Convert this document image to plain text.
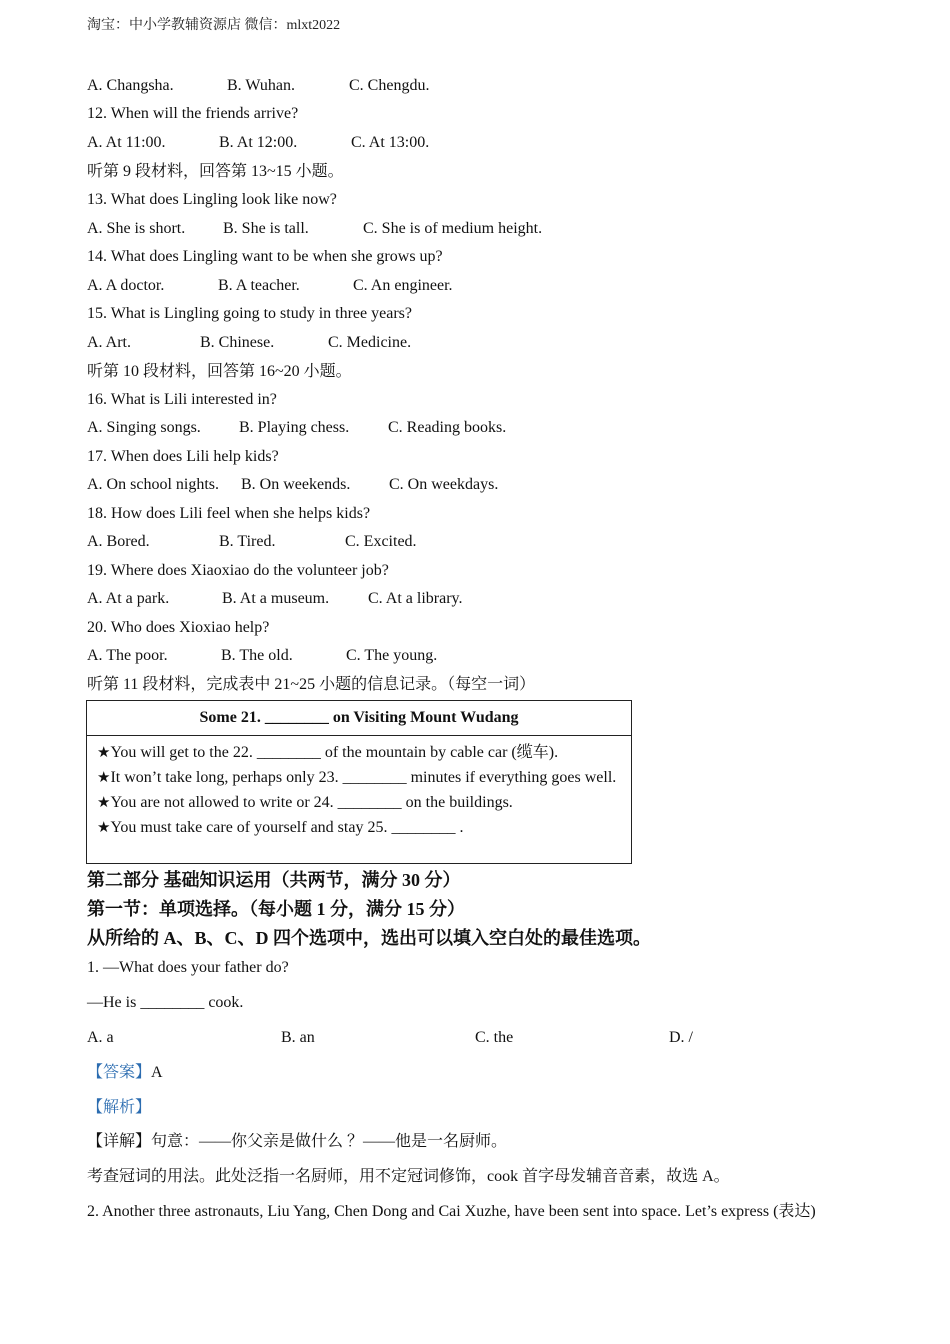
淘宝：中小学教辅资源店 微信：mlxt2022
A. Changsha.	B. Wuhan.	C. Chengdu.
12. When will the friends arrive?
A. At 11:00.	B. At 12:00.	C. At 13:00.
听第 9 段材料，回答第 13~15 小题。
13. What does Lingling look like now?
A. She is short. B. She is tall.	C. She is of medium height.
14. What does Lingling want to be when she grows up?
A. A doctor.	B. A teacher.	C. An engineer.
15. What is Lingling going to study in three years?
A. Art.	B. Chinese.	C. Medicine.
听第 10 段材料，回答第 16~20 小题。
16. What is Lili interested in?
A. Singing songs. B. Playing chess. C. Reading books.
17. When does Lili help kids?
A. On school nights. B. On weekends. C. On weekdays.
18. How does Lili feel when she helps kids?
A. Bored.	B. Tired.	C. Excited.
19. Where does Xiaoxiao do the volunteer job?
A. At a park.	B. At a museum. C. At a library.
20. Who does Xioxiao help?
A. The poor.	B. The old.	C. The young.
听第 11 段材料，完成表中 21~25 小题的信息记录。（每空一词）
Some 21. ________ on Visiting Mount Wudang
★You will get to the 22. ________ of the mountain by cable car (缆车).
★It won’t take long, perhaps only 23. ________ minutes if everything goes well.
★You are not allowed to write or 24. ________ on the buildings.
★You must take care of yourself and stay 25. ________ .
第二部分 基础知识运用（共两节，满分 30 分）
第一节：单项选择。（每小题 1 分，满分 15 分）
从所给的 A、B、C、D 四个选项中，选出可以填入空白处的最佳选项。
1. —What does your father do?
—He is ________ cook.
A. a	B. an	C. the	D. /
【答案】A
【解析】
【详解】句意：——你父亲是做什么 ？——他是一名厨师。
考查冠词的用法。此处泛指一名厨师，用不定冠词修饰，cook 首字母发辅音音素，故选 A。
2. Another three astronauts, Liu Yang, Chen Dong and Cai Xuzhe, have been sent into space. Let’s express (表达)
